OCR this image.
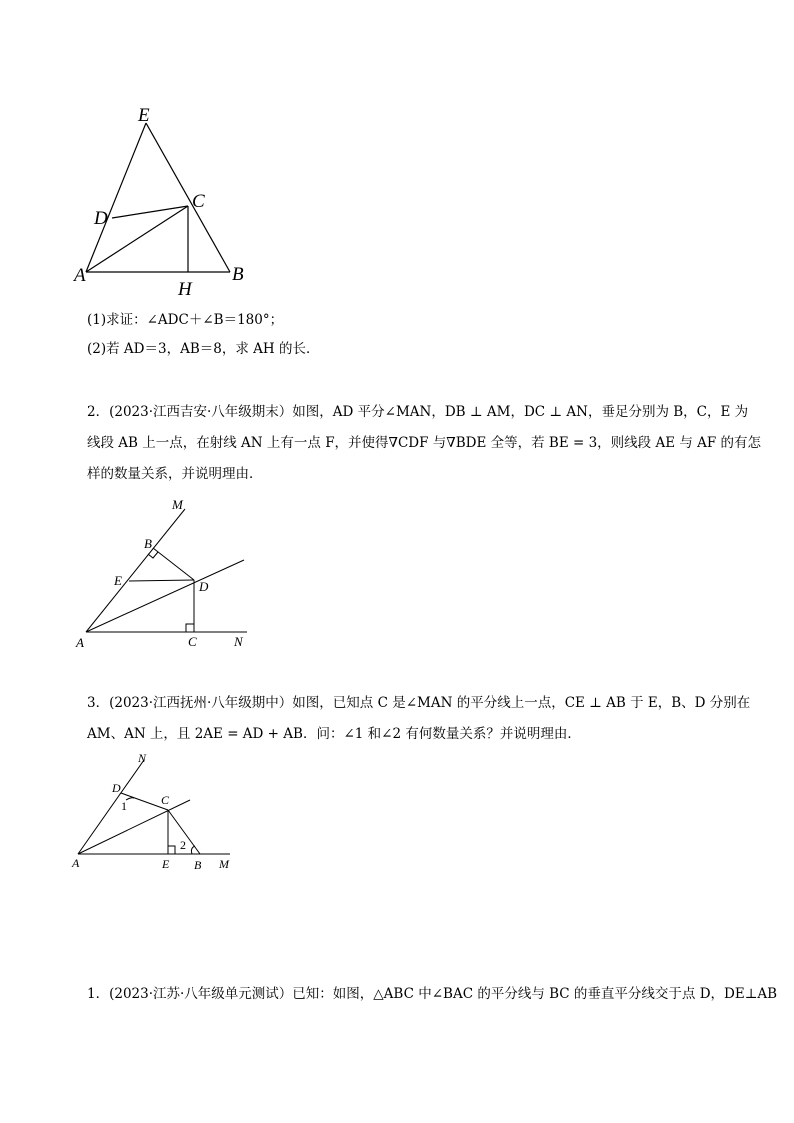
E
D
C
A
H
B
(1)求证：∠ADC＋∠B＝180°；
(2)若 AD＝3，AB＝8，求 AH 的长．
2．(2023·江西吉安·八年级期末）如图，AD 平分∠MAN，DB ⊥ AM，DC ⊥ AN，垂足分别为 B，C，E 为
线段 AB 上一点，在射线 AN 上有一点 F，并使得∇CDF 与∇BDE 全等，若 BE = 3，则线段 AE 与 AF 的有怎
样的数量关系，并说明理由．
M
B
E	D
A	C	N
3．(2023·江西抚州·八年级期中）如图，已知点 C 是∠MAN 的平分线上一点，CE ⊥ AB 于 E，B、D 分别在
AM、AN 上，且 2AE = AD + AB．问：∠1 和∠2 有何数量关系？并说明理由．
N
D
C
1
2
A	E B M
1．(2023·江苏·八年级单元测试）已知：如图，△ABC 中∠BAC 的平分线与 BC 的垂直平分线交于点 D，DE⊥AB
